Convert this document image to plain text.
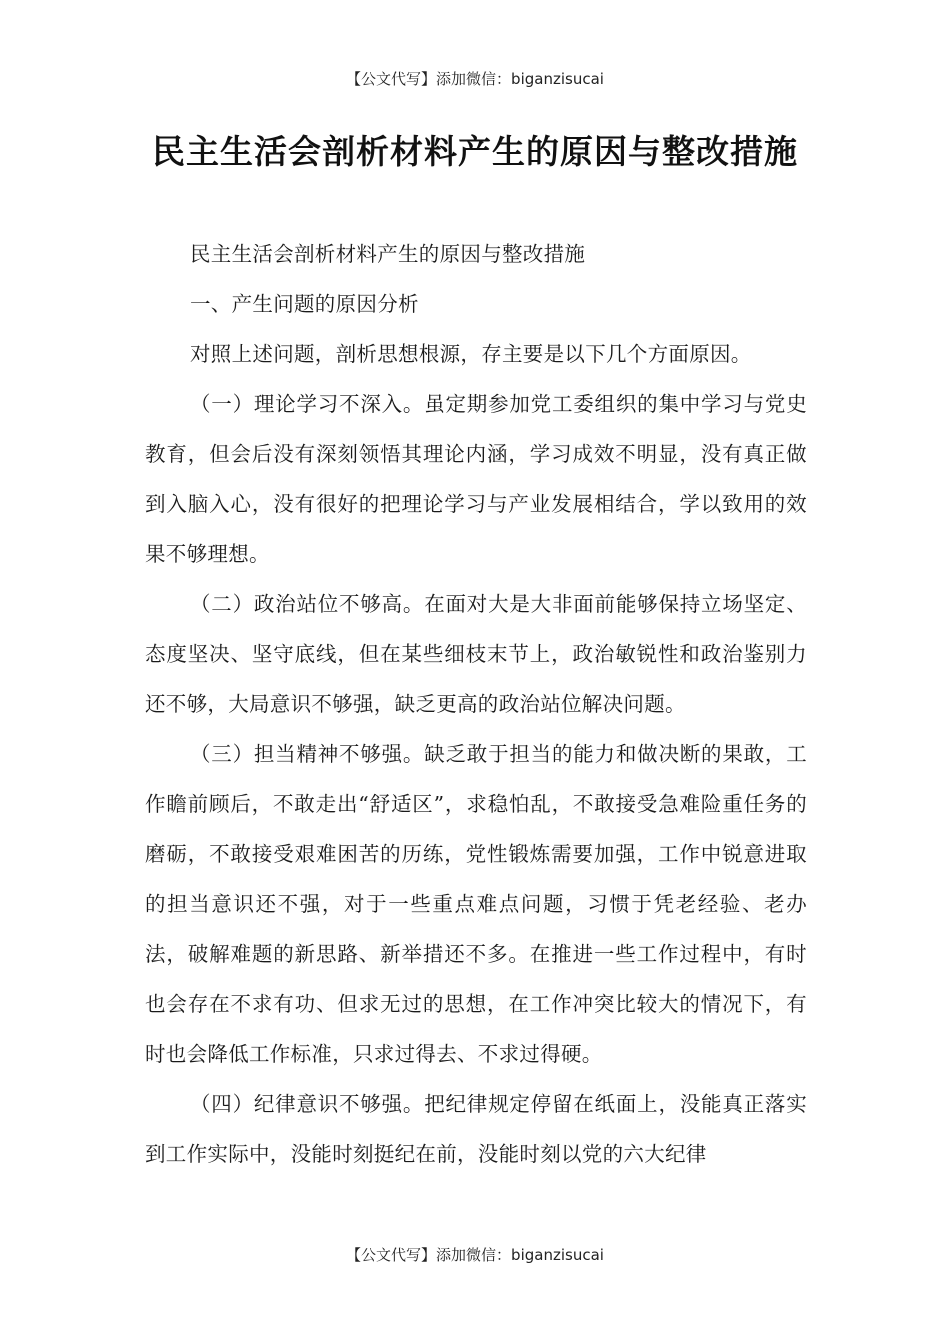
【公文代写】添加微信：biganzisucai
民主生活会剖析材料产生的原因与整改措施

民主生活会剖析材料产生的原因与整改措施

一、产生问题的原因分析

对照上述问题，剖析思想根源，存主要是以下几个方面原因。

（一）理论学习不深入。虽定期参加党工委组织的集中学习与党史教育，但会后没有深刻领悟其理论内涵，学习成效不明显，没有真正做到入脑入心，没有很好的把理论学习与产业发展相结合，学以致用的效果不够理想。

（二）政治站位不够高。在面对大是大非面前能够保持立场坚定、态度坚决、坚守底线，但在某些细枝末节上，政治敏锐性和政治鉴别力还不够，大局意识不够强，缺乏更高的政治站位解决问题。

（三）担当精神不够强。缺乏敢于担当的能力和做决断的果敢，工作瞻前顾后，不敢走出“舒适区”，求稳怕乱，不敢接受急难险重任务的磨砺，不敢接受艰难困苦的历练，党性锻炼需要加强，工作中锐意进取的担当意识还不强，对于一些重点难点问题，习惯于凭老经验、老办法，破解难题的新思路、新举措还不多。在推进一些工作过程中，有时也会存在不求有功、但求无过的思想，在工作冲突比较大的情况下，有时也会降低工作标准，只求过得去、不求过得硬。

（四）纪律意识不够强。把纪律规定停留在纸面上，没能真正落实到工作实际中，没能时刻挺纪在前，没能时刻以党的六大纪律

【公文代写】添加微信：biganzisucai
